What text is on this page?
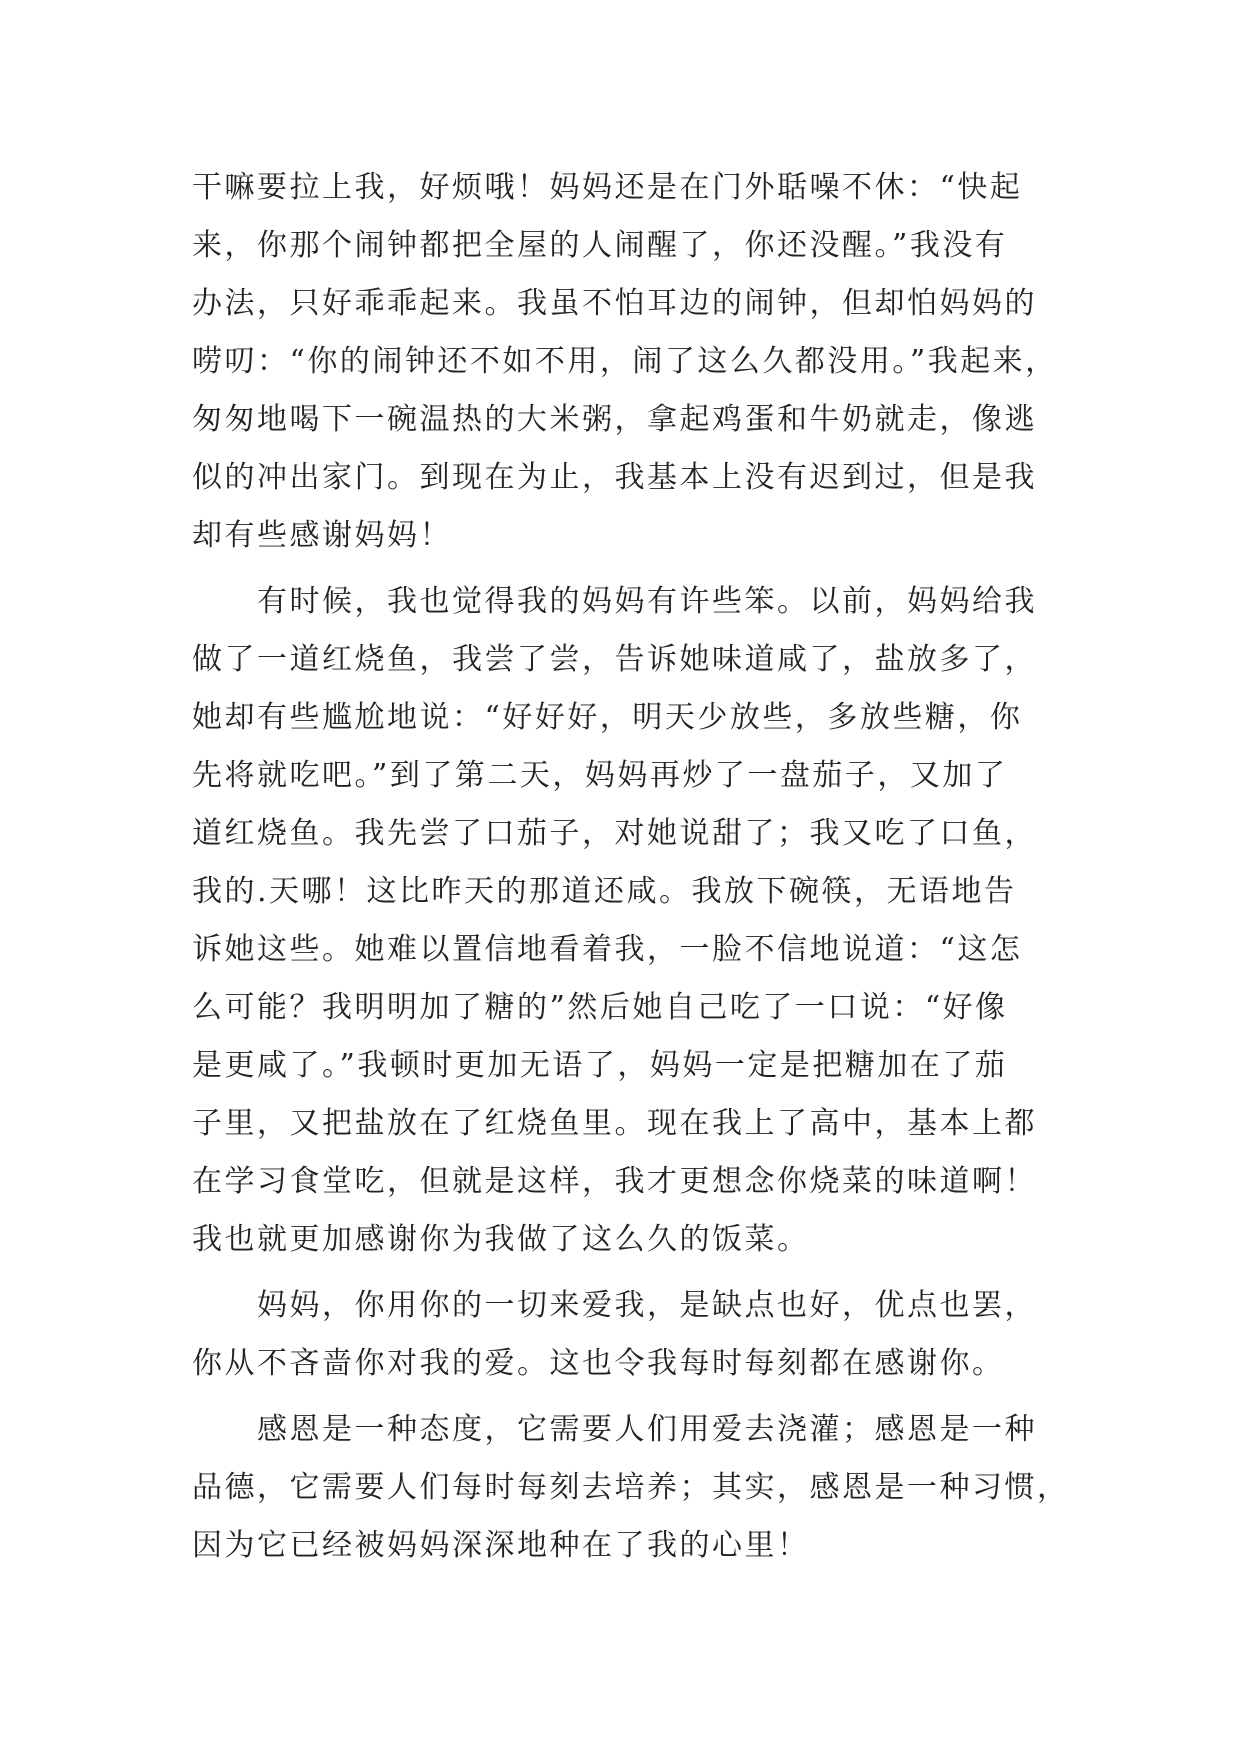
干嘛要拉上我，好烦哦！妈妈还是在门外聒噪不休：“快起
来，你那个闹钟都把全屋的人闹醒了，你还没醒。”我没有
办法，只好乖乖起来。我虽不怕耳边的闹钟，但却怕妈妈的
唠叨：“你的闹钟还不如不用，闹了这么久都没用。”我起来，
匆匆地喝下一碗温热的大米粥，拿起鸡蛋和牛奶就走，像逃
似的冲出家门。到现在为止，我基本上没有迟到过，但是我
却有些感谢妈妈！
　　有时候，我也觉得我的妈妈有许些笨。以前，妈妈给我
做了一道红烧鱼，我尝了尝，告诉她味道咸了，盐放多了，
她却有些尴尬地说：“好好好，明天少放些，多放些糖，你
先将就吃吧。”到了第二天，妈妈再炒了一盘茄子，又加了
道红烧鱼。我先尝了口茄子，对她说甜了；我又吃了口鱼，
我的.天哪！这比昨天的那道还咸。我放下碗筷，无语地告
诉她这些。她难以置信地看着我，一脸不信地说道：“这怎
么可能？我明明加了糖的”然后她自己吃了一口说：“好像
是更咸了。”我顿时更加无语了，妈妈一定是把糖加在了茄
子里，又把盐放在了红烧鱼里。现在我上了高中，基本上都
在学习食堂吃，但就是这样，我才更想念你烧菜的味道啊！
我也就更加感谢你为我做了这么久的饭菜。
　　妈妈，你用你的一切来爱我，是缺点也好，优点也罢，
你从不吝啬你对我的爱。这也令我每时每刻都在感谢你。
　　感恩是一种态度，它需要人们用爱去浇灌；感恩是一种
品德，它需要人们每时每刻去培养；其实，感恩是一种习惯，
因为它已经被妈妈深深地种在了我的心里！
